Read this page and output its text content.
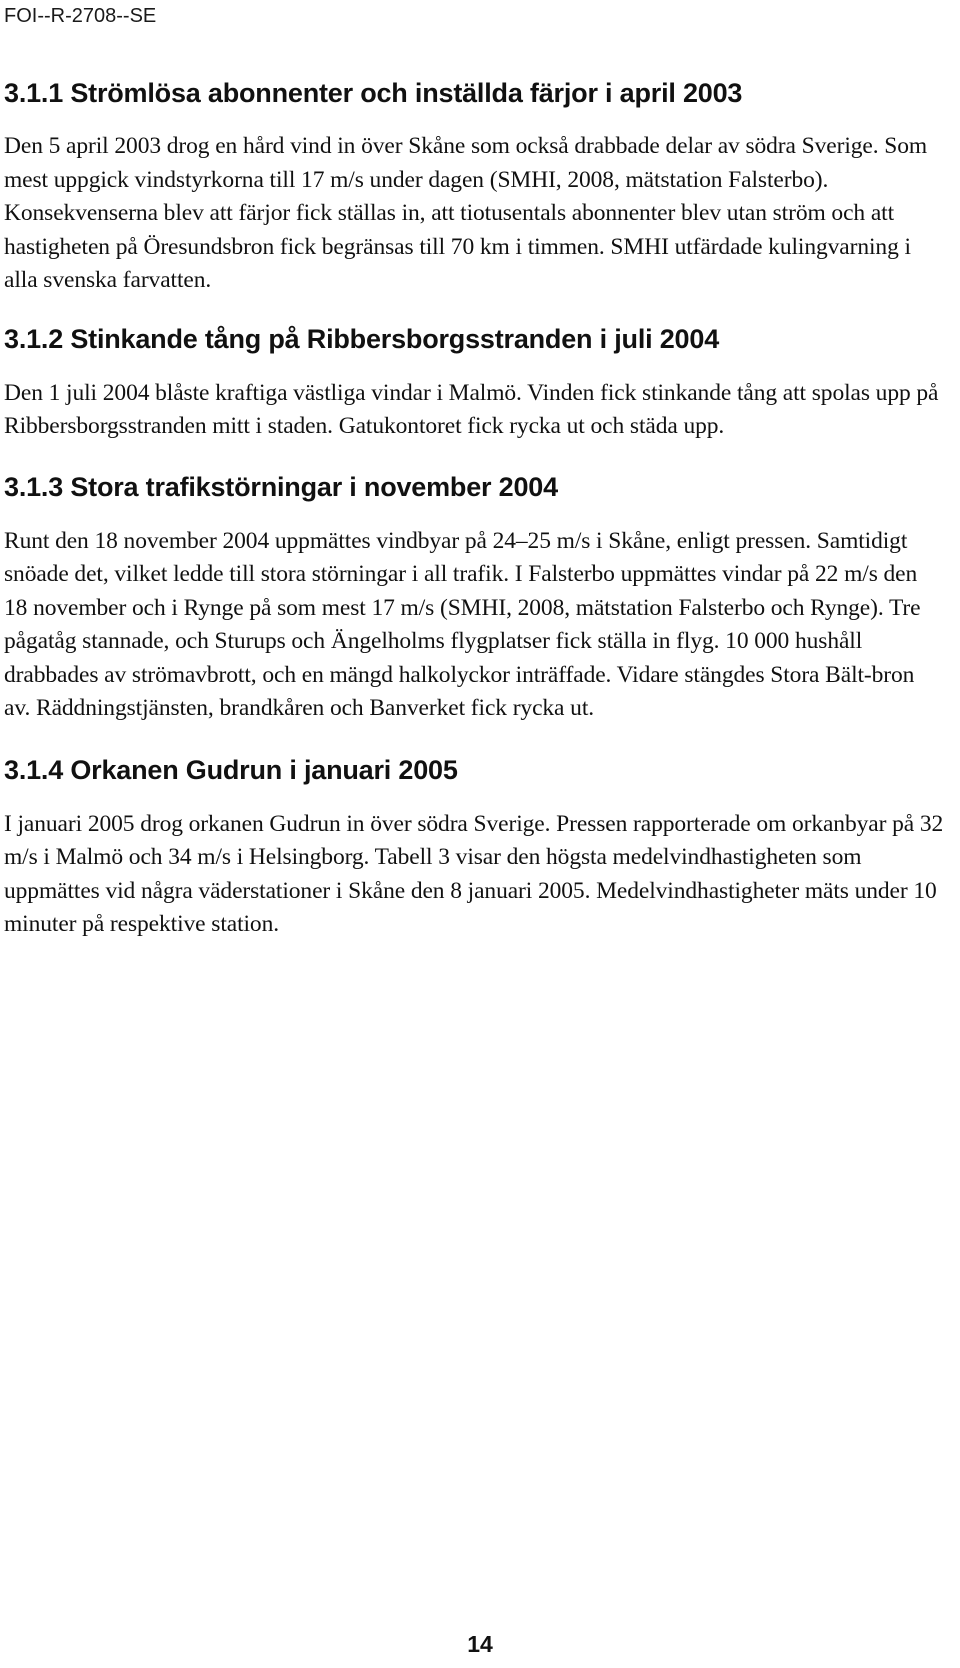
FOI--R-2708--SE
3.1.1 Strömlösa abonnenter och inställda färjor i april 2003

Den 5 april 2003 drog en hård vind in över Skåne som också drabbade delar av södra Sverige. Som mest uppgick vindstyrkorna till 17 m/s under dagen (SMHI, 2008, mätstation Falsterbo). Konsekvenserna blev att färjor fick ställas in, att tiotusentals abonnenter blev utan ström och att hastigheten på Öresundsbron fick begränsas till 70 km i timmen. SMHI utfärdade kulingvarning i alla svenska farvatten.

3.1.2 Stinkande tång på Ribbersborgsstranden i juli 2004

Den 1 juli 2004 blåste kraftiga västliga vindar i Malmö. Vinden fick stinkande tång att spolas upp på Ribbersborgsstranden mitt i staden. Gatukontoret fick rycka ut och städa upp.

3.1.3 Stora trafikstörningar i november 2004

Runt den 18 november 2004 uppmättes vindbyar på 24–25 m/s i Skåne, enligt pressen. Samtidigt snöade det, vilket ledde till stora störningar i all trafik. I Falsterbo uppmättes vindar på 22 m/s den 18 november och i Rynge på som mest 17 m/s (SMHI, 2008, mätstation Falsterbo och Rynge). Tre pågatåg stannade, och Sturups och Ängelholms flygplatser fick ställa in flyg. 10 000 hushåll drabbades av strömavbrott, och en mängd halkolyckor inträffade. Vidare stängdes Stora Bält-bron av. Räddningstjänsten, brandkåren och Banverket fick rycka ut.

3.1.4 Orkanen Gudrun i januari 2005

I januari 2005 drog orkanen Gudrun in över södra Sverige. Pressen rapporterade om orkanbyar på 32 m/s i Malmö och 34 m/s i Helsingborg. Tabell 3 visar den högsta medelvindhastigheten som uppmättes vid några väderstationer i Skåne den 8 januari 2005. Medelvindhastigheter mäts under 10 minuter på respektive station.

14
